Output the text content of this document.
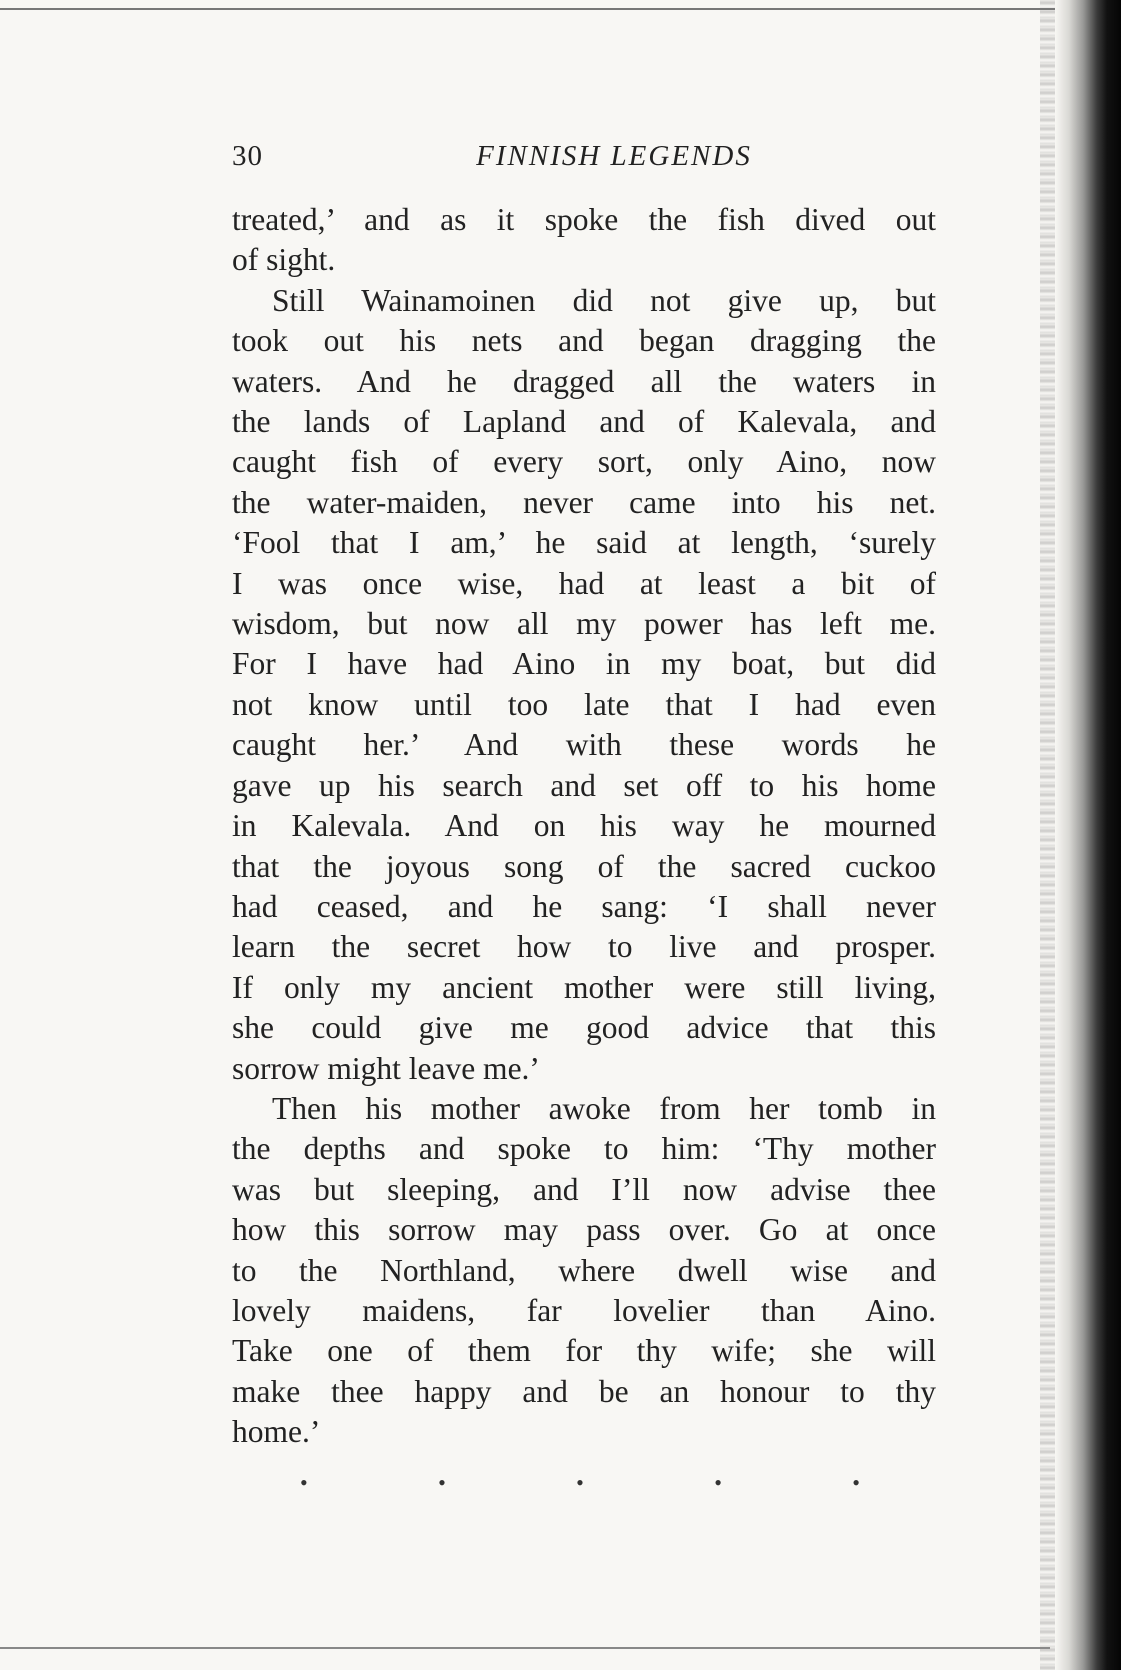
30	FINNISH LEGENDS
treated,’ and as it spoke the fish dived out
of sight.
Still Wainamoinen did not give up, but
took out his nets and began dragging the
waters. And he dragged all the waters in
the lands of Lapland and of Kalevala, and
caught fish of every sort, only Aino, now
the water-maiden, never came into his net.
‘Fool that I am,’ he said at length, ‘surely
I was once wise, had at least a bit of
wisdom, but now all my power has left me.
For I have had Aino in my boat, but did
not know until too late that I had even
caught her.’ And with these words he
gave up his search and set off to his home
in Kalevala. And on his way he mourned
that the joyous song of the sacred cuckoo
had ceased, and he sang: ‘I shall never
learn the secret how to live and prosper.
If only my ancient mother were still living,
she could give me good advice that this
sorrow might leave me.’
Then his mother awoke from her tomb in
the depths and spoke to him: ‘Thy mother
was but sleeping, and I’ll now advise thee
how this sorrow may pass over. Go at once
to the Northland, where dwell wise and
lovely maidens, far lovelier than Aino.
Take one of them for thy wife; she will
make thee happy and be an honour to thy
home.’
•	•	•	•	•
